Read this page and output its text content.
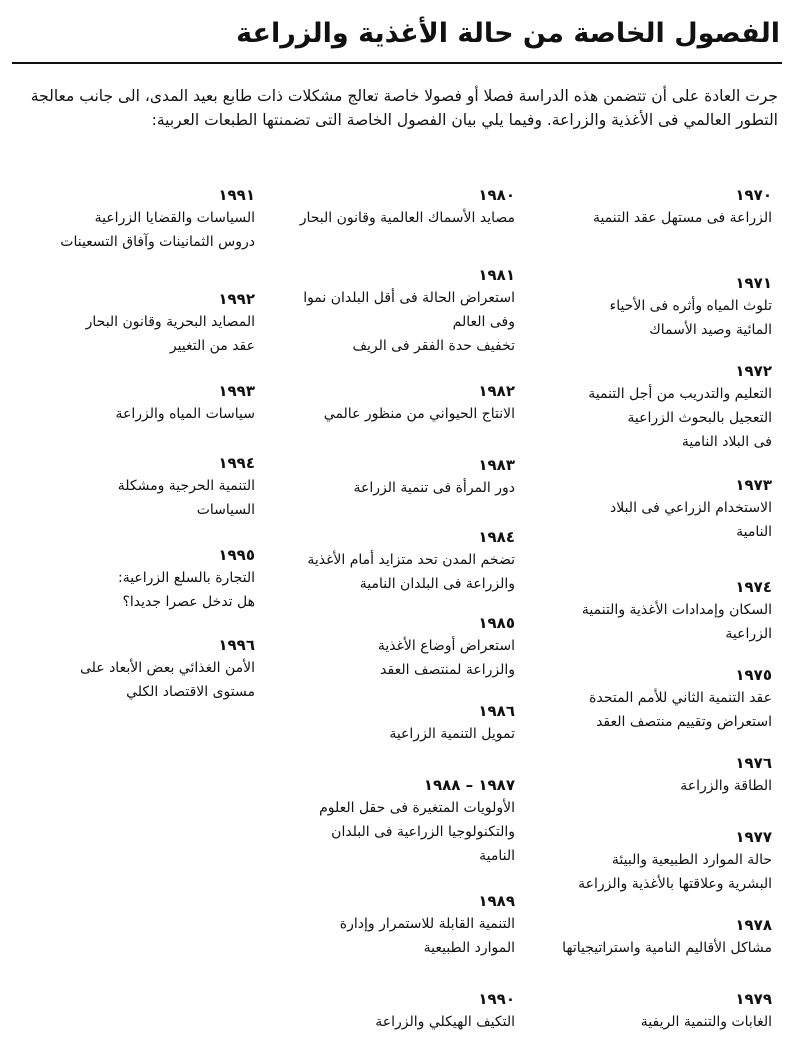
الفصول الخاصة من حالة الأغذية والزراعة

جرت العادة على أن تتضمن هذه الدراسة فصلا أو فصولا خاصة تعالج مشكلات ذات طابع بعيد المدى، الى جانب معالجة التطور العالمي فى الأغذية والزراعة. وفيما يلي بيان الفصول الخاصة التى تضمنتها الطبعات العربية:

١٩٧٠
الزراعة فى مستهل عقد التنمية
١٩٧١
تلوث المياه وأثره فى الأحياء
المائية وصيد الأسماك
١٩٧٢
التعليم والتدريب من أجل التنمية
التعجيل بالبحوث الزراعية
فى البلاد النامية
١٩٧٣
الاستخدام الزراعي فى البلاد
النامية
١٩٧٤
السكان وإمدادات الأغذية والتنمية
الزراعية
١٩٧٥
عقد التنمية الثاني للأمم المتحدة
استعراض وتقييم منتصف العقد
١٩٧٦
الطاقة والزراعة
١٩٧٧
حالة الموارد الطبيعية والبيئة
البشرية وعلاقتها بالأغذية والزراعة
١٩٧٨
مشاكل الأقاليم النامية واستراتيجياتها
١٩٧٩
الغابات والتنمية الريفية
١٩٨٠
مصايد الأسماك العالمية وقانون البحار
١٩٨١
استعراض الحالة فى أقل البلدان نموا
وفى العالم
تخفيف حدة الفقر فى الريف
١٩٨٢
الانتاج الحيواني من منظور عالمي
١٩٨٣
دور المرأة فى تنمية الزراعة
١٩٨٤
تضخم المدن تحد متزايد أمام الأغذية
والزراعة فى البلدان النامية
١٩٨٥
استعراض أوضاع الأغذية
والزراعة لمنتصف العقد
١٩٨٦
تمويل التنمية الزراعية
١٩٨٧ – ١٩٨٨
الأولويات المتغيرة فى حقل العلوم
والتكنولوجيا الزراعية فى البلدان
النامية
١٩٨٩
التنمية القابلة للاستمرار وإدارة
الموارد الطبيعية
١٩٩٠
التكيف الهيكلي والزراعة
١٩٩١
السياسات والقضايا الزراعية
دروس الثمانينات وآفاق التسعينات
١٩٩٢
المصايد البحرية وقانون البحار
عقد من التغيير
١٩٩٣
سياسات المياه والزراعة
١٩٩٤
التنمية الحرجية ومشكلة
السياسات
١٩٩٥
التجارة بالسلع الزراعية:
هل تدخل عصرا جديدا؟
١٩٩٦
الأمن الغذائي بعض الأبعاد على
مستوى الاقتصاد الكلي
